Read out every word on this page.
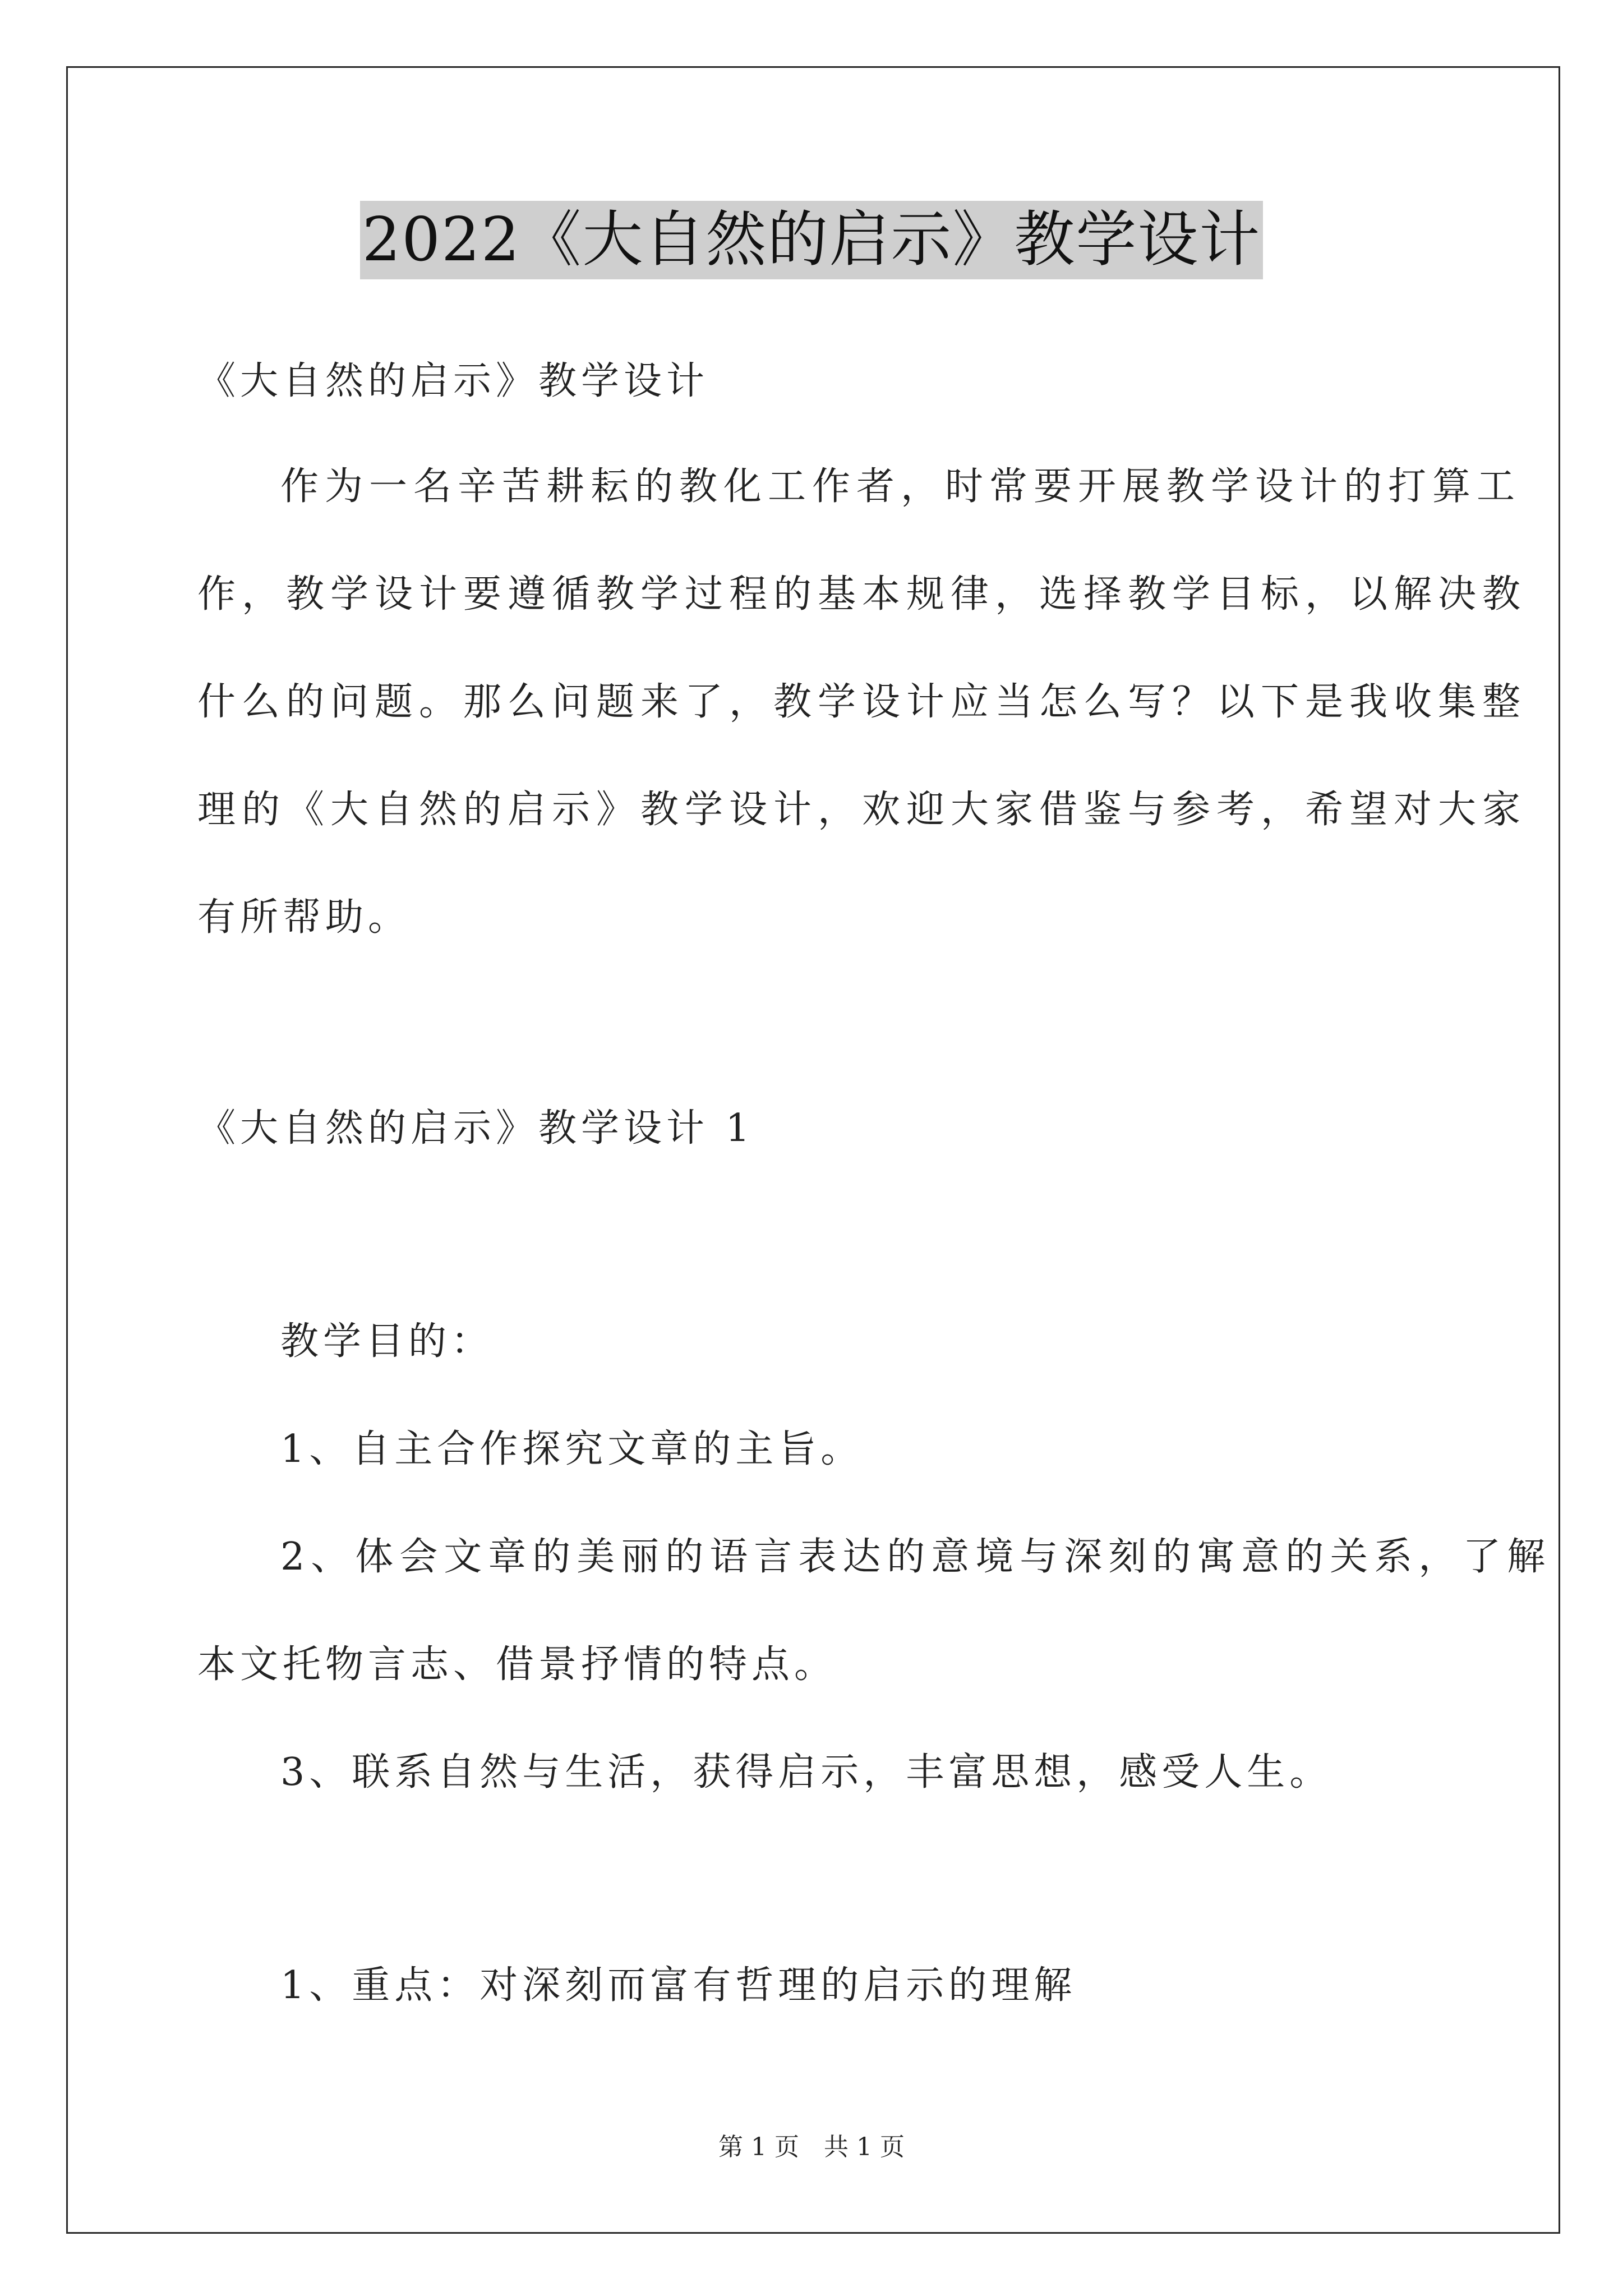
2022《大自然的启示》教学设计
《大自然的启示》教学设计
作为一名辛苦耕耘的教化工作者，时常要开展教学设计的打算工
作，教学设计要遵循教学过程的基本规律，选择教学目标，以解决教
什么的问题。那么问题来了，教学设计应当怎么写？以下是我收集整
理的《大自然的启示》教学设计，欢迎大家借鉴与参考，希望对大家
有所帮助。
《大自然的启示》教学设计 1
教学目的：
1、自主合作探究文章的主旨。
2、体会文章的美丽的语言表达的意境与深刻的寓意的关系，了解
本文托物言志、借景抒情的特点。
3、联系自然与生活，获得启示，丰富思想，感受人生。
1、重点：对深刻而富有哲理的启示的理解
第 1 页　共 1 页
